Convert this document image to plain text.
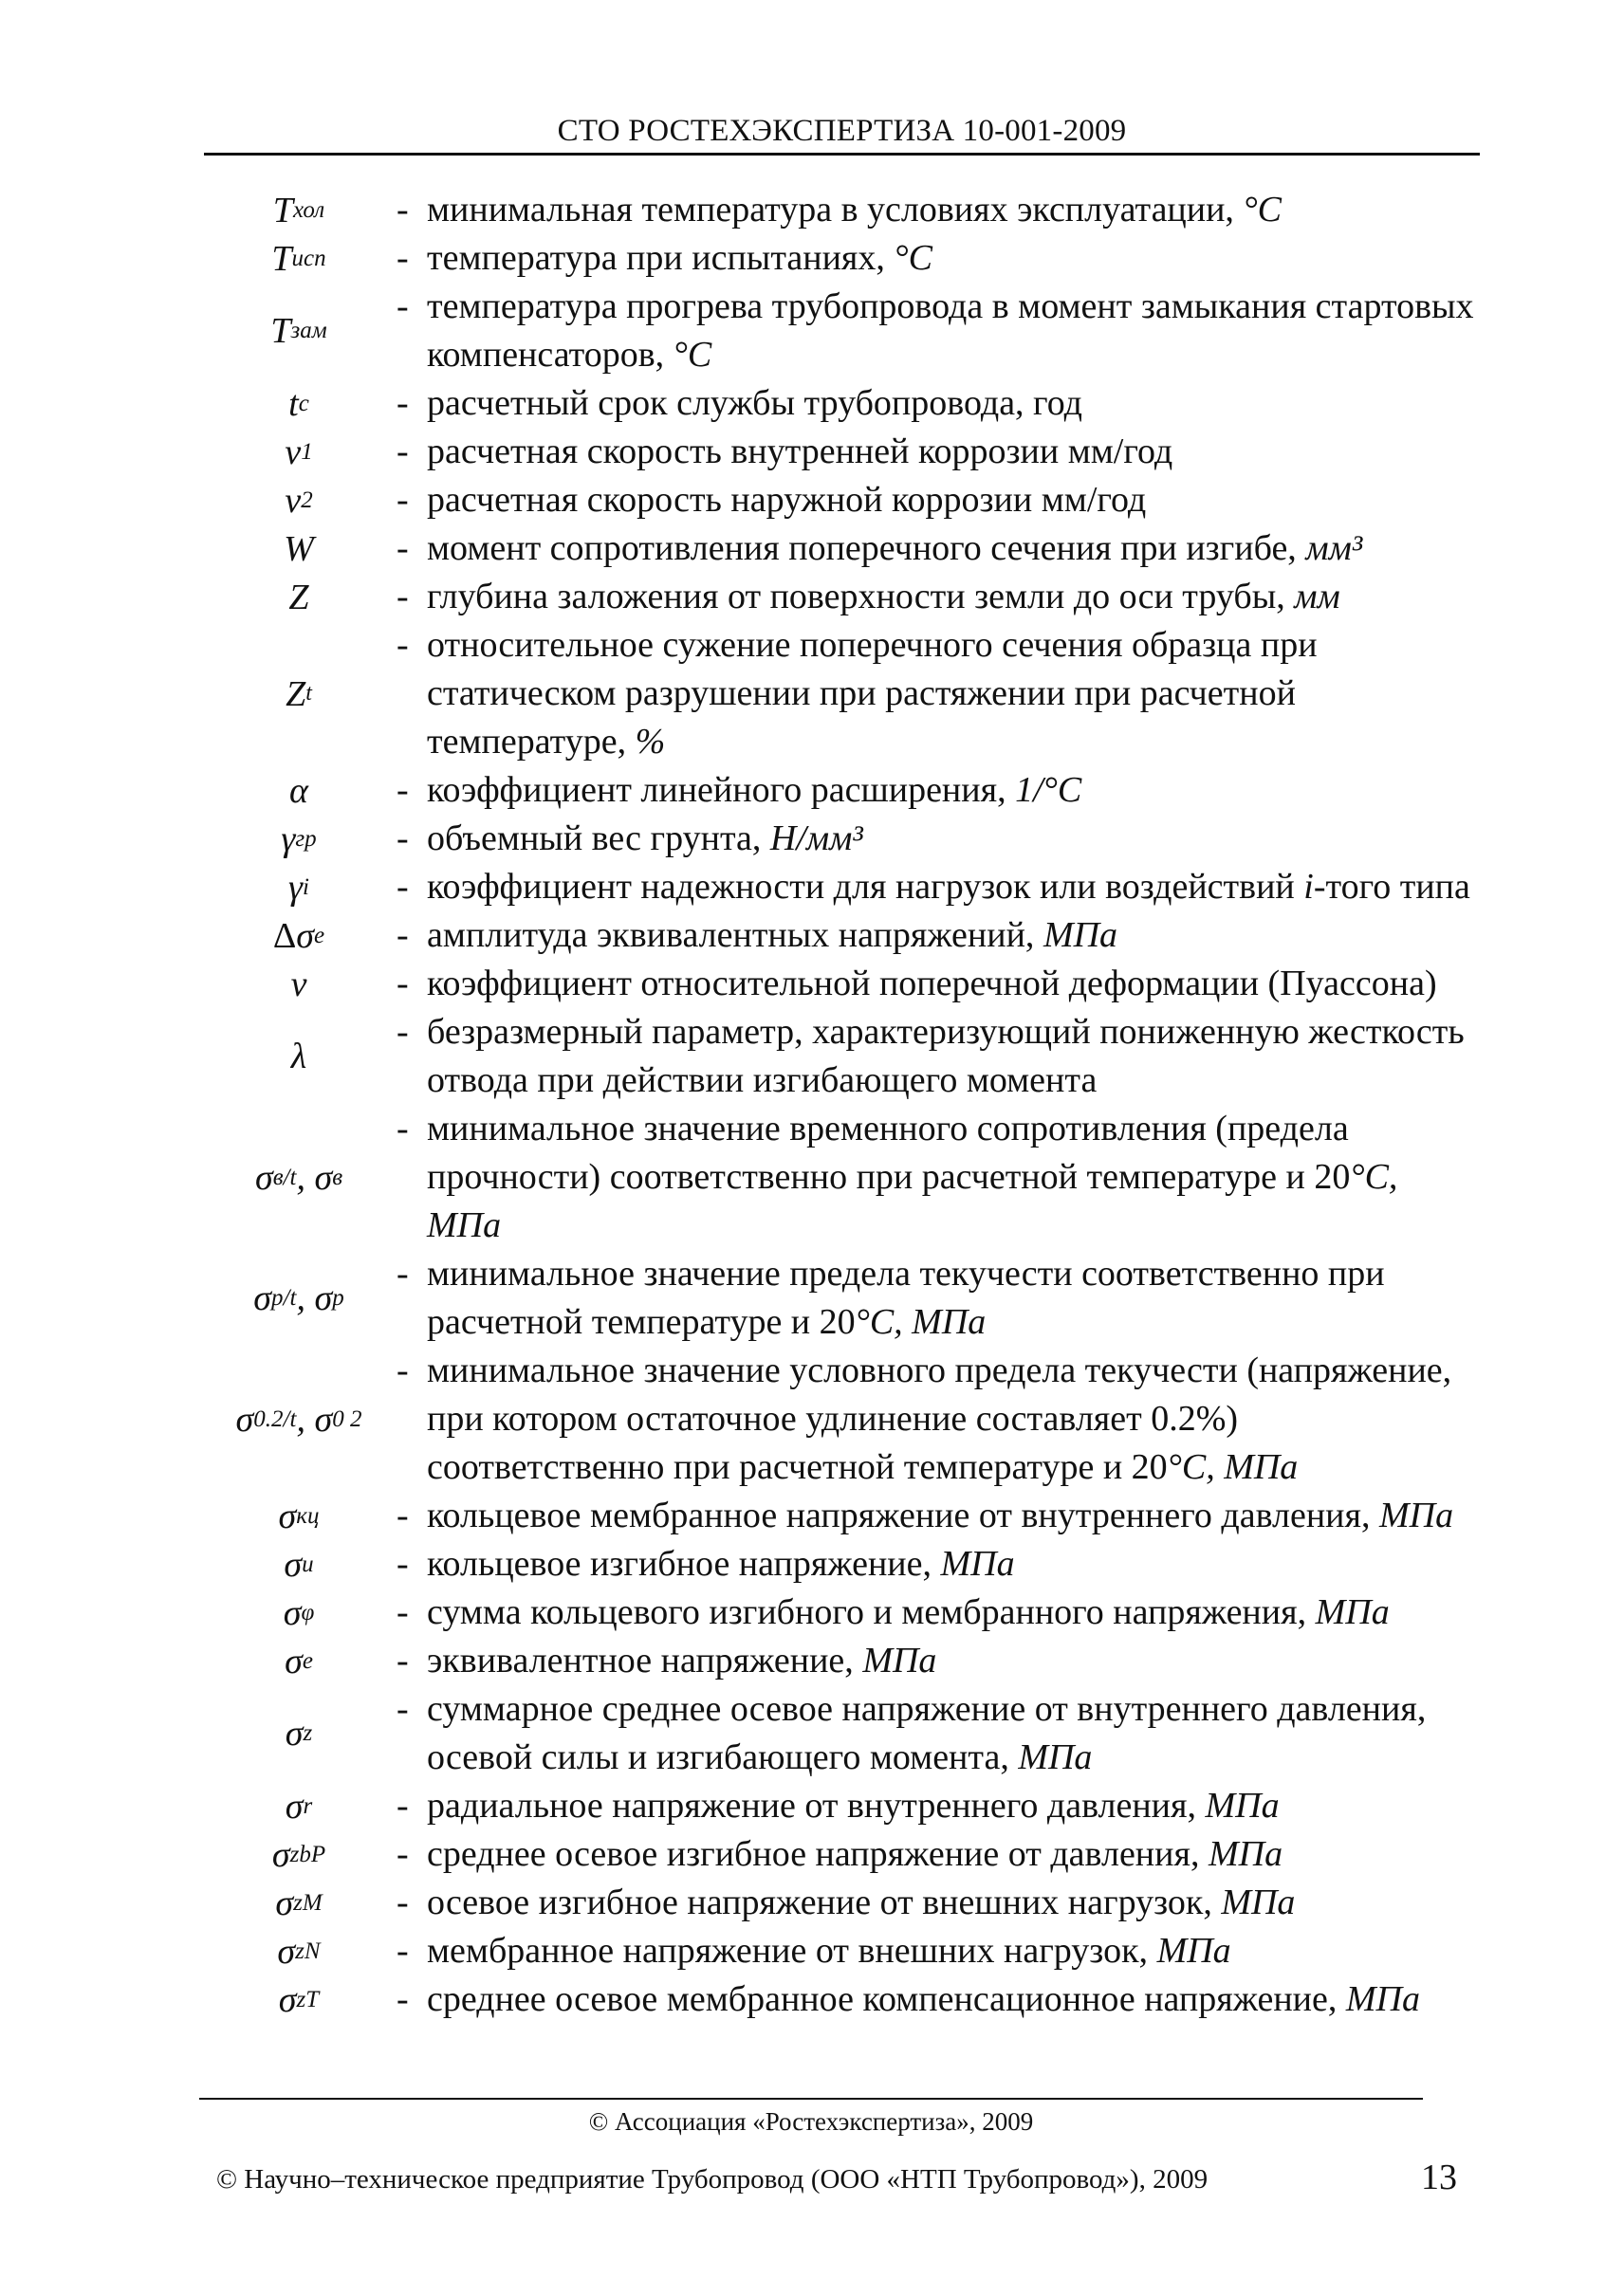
СТО РОСТЕХЭКСПЕРТИЗА 10-001-2009
T хол - минимальная температура в условиях эксплуатации, °C
T исп - температура при испытаниях, °C
T зам
- температура прогрева трубопровода в момент замыкания стартовых компенсаторов, °C
t c - расчетный срок службы трубопровода, год
v 1 - расчетная скорость внутренней коррозии мм/год
v 2 - расчетная скорость наружной коррозии мм/год
W - момент сопротивления поперечного сечения при изгибе, мм³
Z - глубина заложения от поверхности земли до оси трубы, мм
Z t
- относительное сужение поперечного сечения образца при статическом разрушении при растяжении при расчетной температуре, %
α - коэффициент линейного расширения, 1/°C
γ гр - объемный вес грунта, Н/мм³
γ i - коэффициент надежности для нагрузок или воздействий i-того типа
Δ σ e - амплитуда эквивалентных напряжений, МПа
v - коэффициент относительной поперечной деформации (Пуассона)
λ
- безразмерный параметр, характеризующий пониженную жесткость отвода при действии изгибающего момента
σ в/t , σ в
- минимальное значение временного сопротивления (предела прочности) соответственно при расчетной температуре и 20°C, МПа
σ p/t , σ p
- минимальное значение предела текучести соответственно при расчетной температуре и 20°C, МПа
σ 0.2/t , σ 0 2
- минимальное значение условного предела текучести (напряжение, при котором остаточное удлинение составляет 0.2%) соответственно при расчетной температуре и 20°C, МПа
σ кц - кольцевое мембранное напряжение от внутреннего давления, МПа
σ и - кольцевое изгибное напряжение, МПа
σ φ - сумма кольцевого изгибного и мембранного напряжения, МПа
σ e - эквивалентное напряжение, МПа
σ z
- суммарное среднее осевое напряжение от внутреннего давления, осевой силы и изгибающего момента, МПа
σ r - радиальное напряжение от внутреннего давления, МПа
σ zbP - среднее осевое изгибное напряжение от давления, МПа
σ zM - осевое изгибное напряжение от внешних нагрузок, МПа
σ zN - мембранное напряжение от внешних нагрузок, МПа
σ zT - среднее осевое мембранное компенсационное напряжение, МПа
© Ассоциация «Ростехэкспертиза», 2009
© Научно–техническое предприятие Трубопровод (ООО «НТП Трубопровод»), 2009	13
